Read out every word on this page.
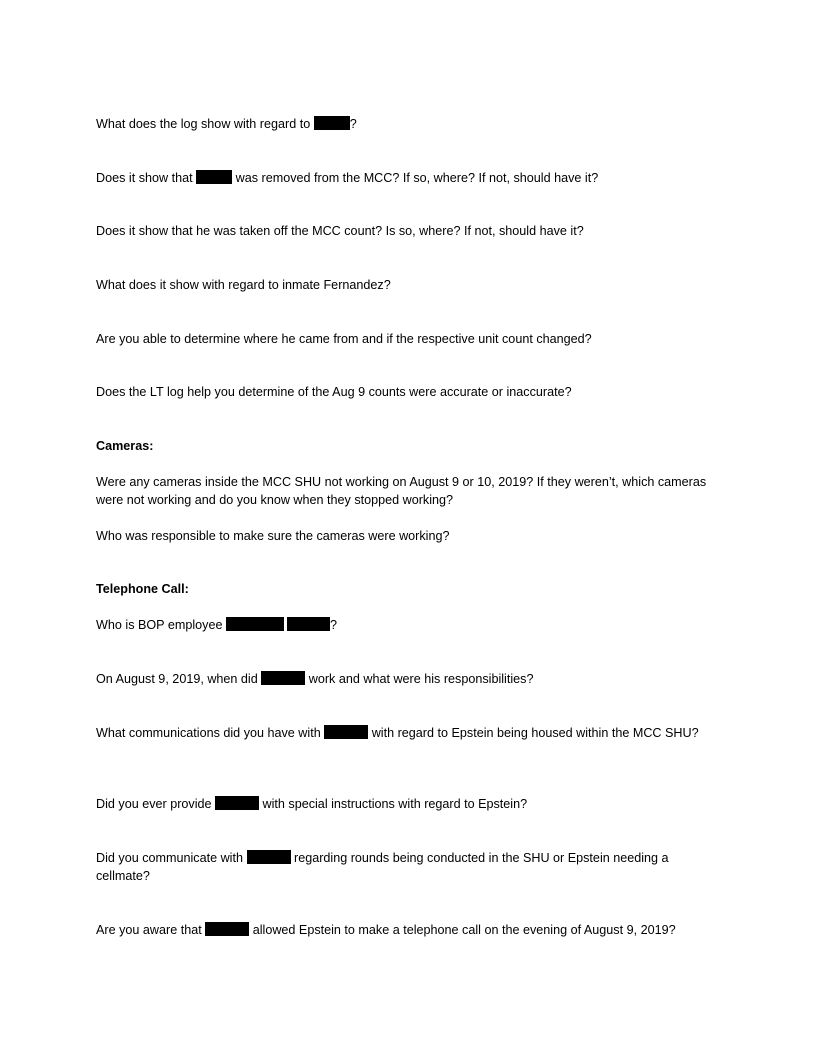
What does the log show with regard to	?
Does it show that	was removed from the MCC? If so, where? If not, should have it?
Does it show that he was taken off the MCC count? Is so, where? If not, should have it?
What does it show with regard to inmate Fernandez?
Are you able to determine where he came from and if the respective unit count changed?
Does the LT log help you determine of the Aug 9 counts were accurate or inaccurate?
Cameras:
Were any cameras inside the MCC SHU not working on August 9 or 10, 2019? If they weren’t, which cameras were not working and do you know when they stopped working?
Who was responsible to make sure the cameras were working?
Telephone Call:
Who is BOP employee	?
On August 9, 2019, when did	work and what were his responsibilities?
What communications did you have with	with regard to Epstein being housed within the MCC SHU?
Did you ever provide	with special instructions with regard to Epstein?
Did you communicate with	regarding rounds being conducted in the SHU or Epstein needing a cellmate?
Are you aware that	allowed Epstein to make a telephone call on the evening of August 9, 2019?
